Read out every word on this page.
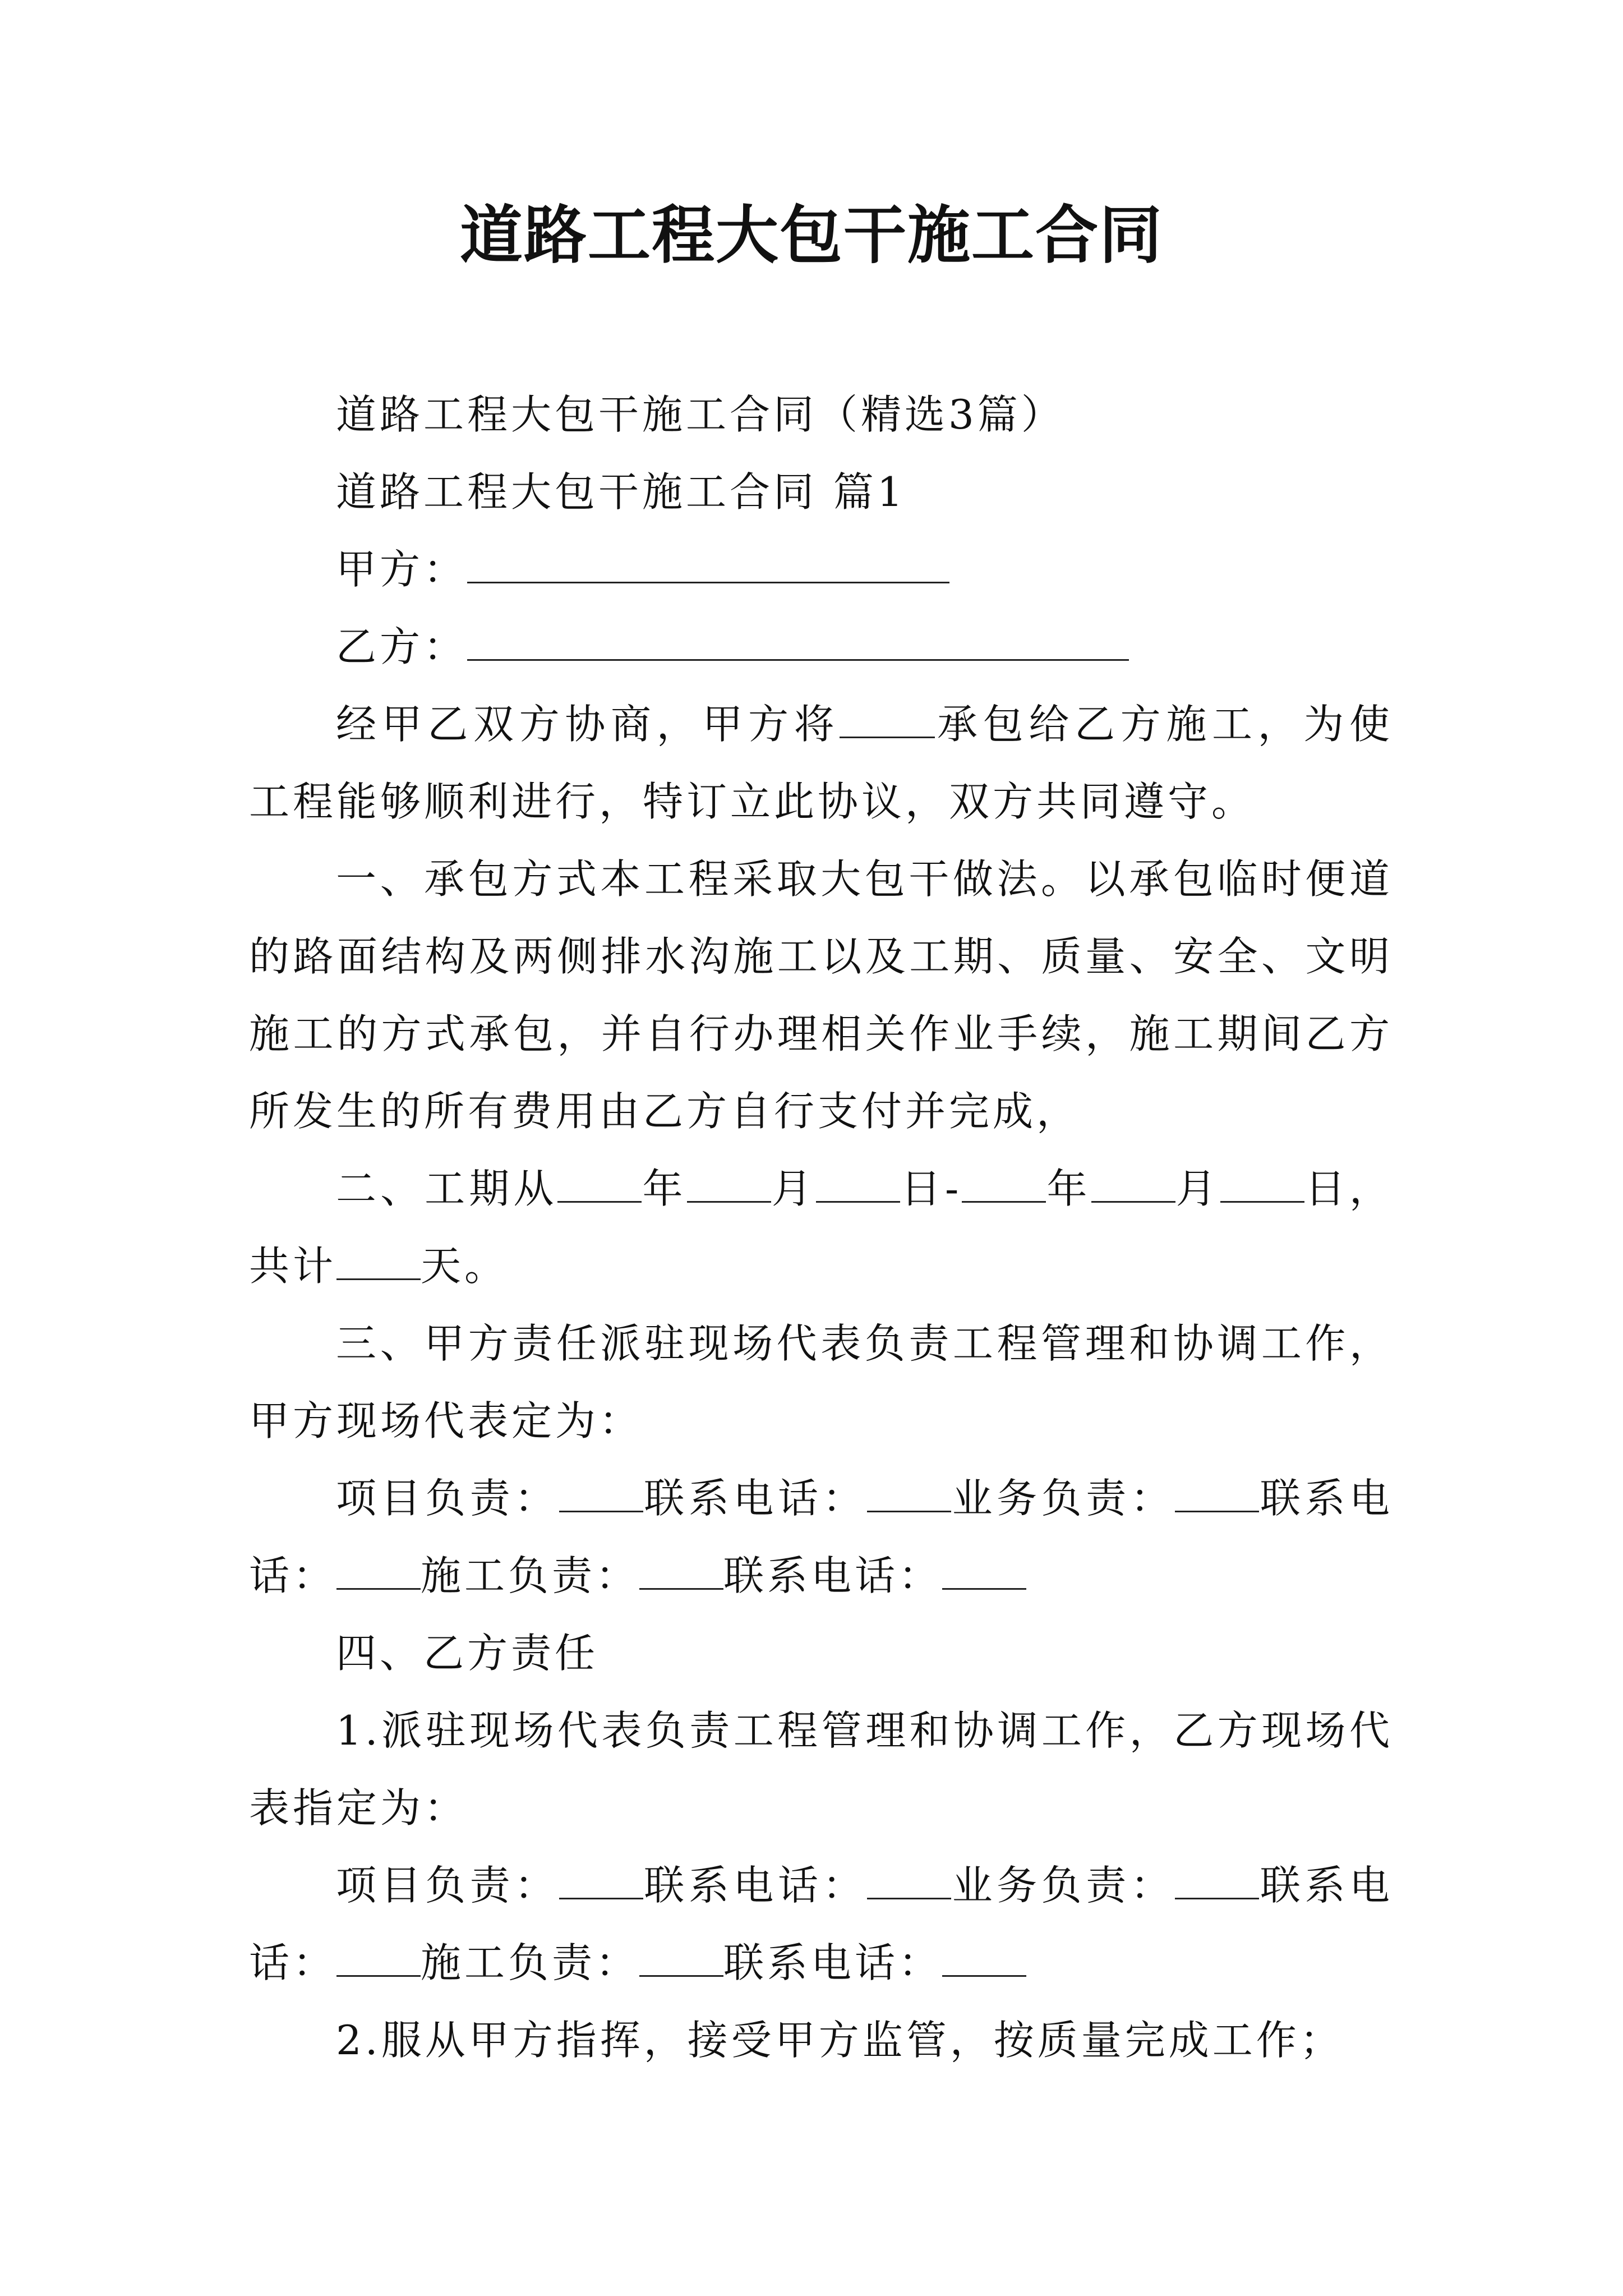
道路工程大包干施工合同

道路工程大包干施工合同（精选3篇）

道路工程大包干施工合同 篇1

甲方：

乙方：

经甲乙双方协商，甲方将 承包给乙方施工，为使工程能够顺利进行，特订立此协议，双方共同遵守。

一、承包方式本工程采取大包干做法。以承包临时便道的路面结构及两侧排水沟施工以及工期、质量、安全、文明施工的方式承包，并自行办理相关作业手续，施工期间乙方所发生的所有费用由乙方自行支付并完成，

二、工期从 年 月 日- 年 月 日，共计 天。

三、甲方责任派驻现场代表负责工程管理和协调工作，甲方现场代表定为：

项目负责： 联系电话： 业务负责： 联系电话： 施工负责： 联系电话：

四、乙方责任

1.派驻现场代表负责工程管理和协调工作，乙方现场代表指定为：

项目负责： 联系电话： 业务负责： 联系电话： 施工负责： 联系电话：

2.服从甲方指挥，接受甲方监管，按质量完成工作；
